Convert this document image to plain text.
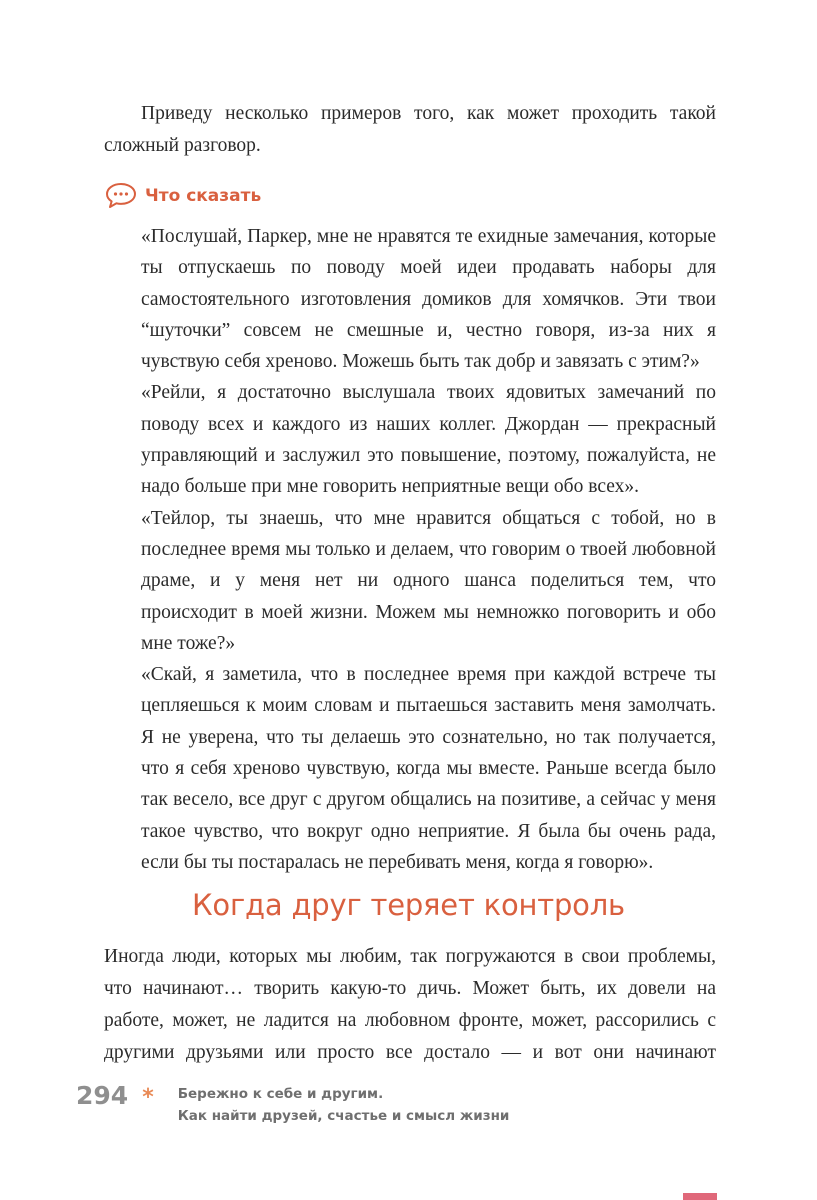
Приведу несколько примеров того, как может проходить такой сложный разговор.

Что сказать

«Послушай, Паркер, мне не нравятся те ехидные замечания, которые ты отпускаешь по поводу моей идеи продавать наборы для самостоятельного изготовления домиков для хомячков. Эти твои “шуточки” совсем не смешные и, честно говоря, из-за них я чувствую себя хреново. Можешь быть так добр и завязать с этим?»

«Рейли, я достаточно выслушала твоих ядовитых замечаний по поводу всех и каждого из наших коллег. Джордан — прекрасный управляющий и заслужил это повышение, поэтому, пожалуйста, не надо больше при мне говорить неприятные вещи обо всех».

«Тейлор, ты знаешь, что мне нравится общаться с тобой, но в последнее время мы только и делаем, что говорим о твоей любовной драме, и у меня нет ни одного шанса поделиться тем, что происходит в моей жизни. Можем мы немножко поговорить и обо мне тоже?»

«Скай, я заметила, что в последнее время при каждой встрече ты цепляешься к моим словам и пытаешься заставить меня замолчать. Я не уверена, что ты делаешь это сознательно, но так получается, что я себя хреново чувствую, когда мы вместе. Раньше всегда было так весело, все друг с другом общались на позитиве, а сейчас у меня такое чувство, что вокруг одно неприятие. Я была бы очень рада, если бы ты постаралась не перебивать меня, когда я говорю».

Когда друг теряет контроль

Иногда люди, которых мы любим, так погружаются в свои проблемы, что начинают… творить какую-то дичь. Может быть, их довели на работе, может, не ладится на любовном фронте, может, рассорились с другими друзьями или просто все достало — и вот они начинают

294 * Бережно к себе и другим.
Как найти друзей, счастье и смысл жизни
